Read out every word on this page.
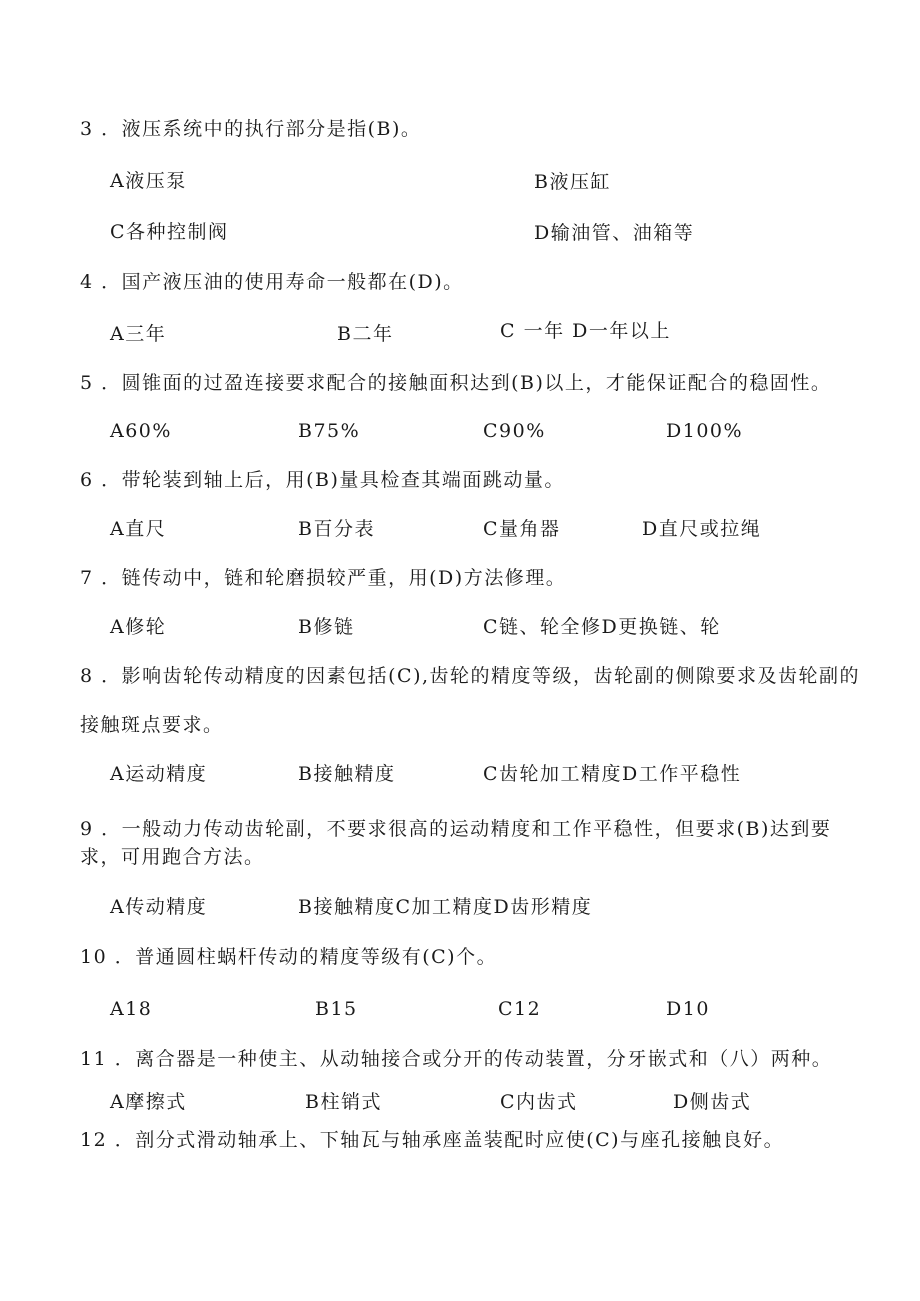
3 ．液压系统中的执行部分是指(B)。
A液压泵	B液压缸
C各种控制阀	D输油管、油箱等
4 ．国产液压油的使用寿命一般都在(D)。
A三年	B二年	C 一年 D一年以上
5 ．圆锥面的过盈连接要求配合的接触面积达到(B)以上，才能保证配合的稳固性。
A60%	B75%	C90%	D100%
6 ．带轮装到轴上后，用(B)量具检查其端面跳动量。
A直尺	B百分表	C量角器	D直尺或拉绳
7 ．链传动中，链和轮磨损较严重，用(D)方法修理。
A修轮	B修链	C链、轮全修D更换链、轮
8 ．影响齿轮传动精度的因素包括(C),齿轮的精度等级，齿轮副的侧隙要求及齿轮副的
接触斑点要求。
A运动精度	B接触精度	C齿轮加工精度D工作平稳性
9 ．一般动力传动齿轮副，不要求很高的运动精度和工作平稳性，但要求(B)达到要
求，可用跑合方法。
A传动精度	B接触精度C加工精度D齿形精度
10 ．普通圆柱蜗杆传动的精度等级有(C)个。
A18	B15	C12	D10
11 ．离合器是一种使主、从动轴接合或分开的传动装置，分牙嵌式和（八）两种。
A摩擦式	B柱销式	C内齿式	D侧齿式
12 ．剖分式滑动轴承上、下轴瓦与轴承座盖装配时应使(C)与座孔接触良好。
